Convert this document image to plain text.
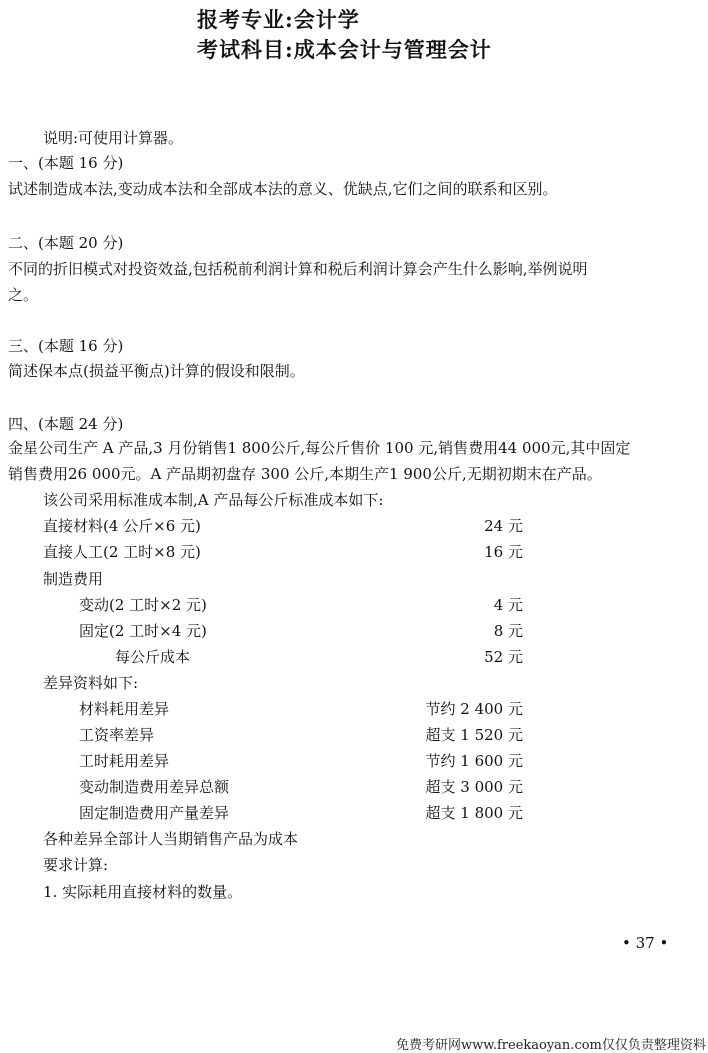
报考专业:会计学
考试科目:成本会计与管理会计
说明:可使用计算器。
一、(本题 16 分)
试述制造成本法,变动成本法和全部成本法的意义、优缺点,它们之间的联系和区别。
二、(本题 20 分)
不同的折旧模式对投资效益,包括税前利润计算和税后利润计算会产生什么影响,举例说明
之。
三、(本题 16 分)
简述保本点(损益平衡点)计算的假设和限制。
四、(本题 24 分)
金星公司生产 A 产品,3 月份销售1 800公斤,每公斤售价 100 元,销售费用44 000元,其中固定
销售费用26 000元。A 产品期初盘存 300 公斤,本期生产1 900公斤,无期初期末在产品。
该公司采用标准成本制,A 产品每公斤标准成本如下:
直接材料(4 公斤×6 元)	24 元
直接人工(2 工时×8 元)	16 元
制造费用
变动(2 工时×2 元)	4 元
固定(2 工时×4 元)	8 元
每公斤成本	52 元
差异资料如下:
材料耗用差异	节约 2 400 元
工资率差异	超支 1 520 元
工时耗用差异	节约 1 600 元
变动制造费用差异总额	超支 3 000 元
固定制造费用产量差异	超支 1 800 元
各种差异全部计人当期销售产品为成本
要求计算:
1. 实际耗用直接材料的数量。
• 37 •
免费考研网www.freekaoyan.com仅仅负责整理资料
